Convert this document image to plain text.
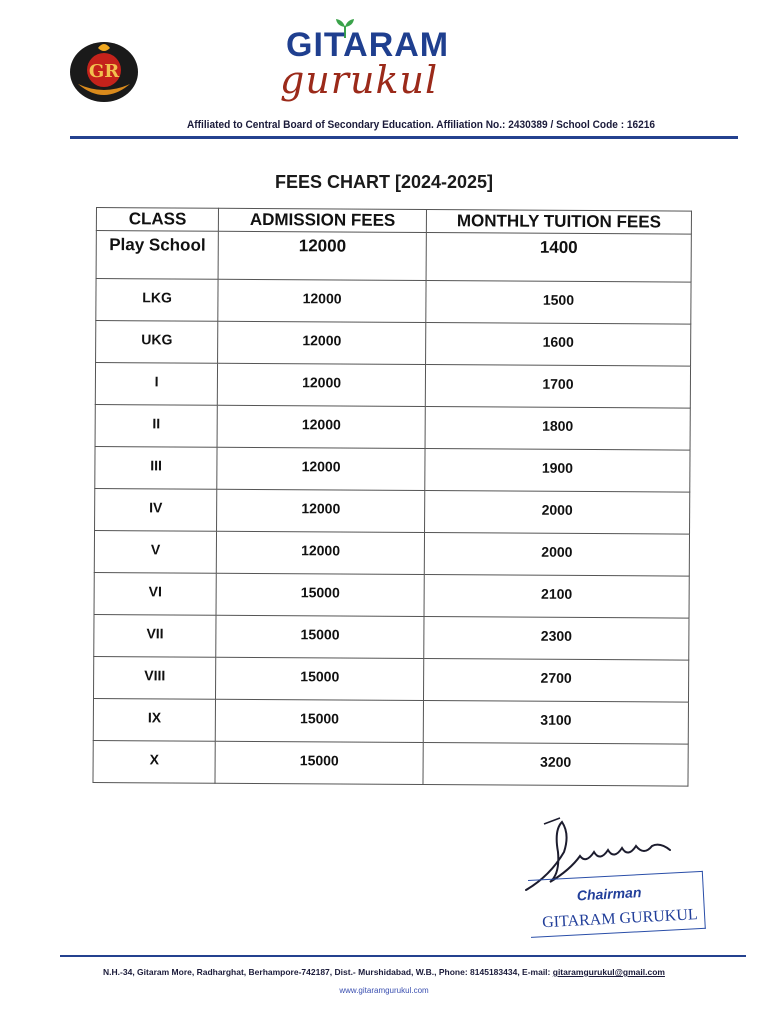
GR
GITARAM
gurukul
Affiliated to Central Board of Secondary Education. Affiliation No.: 2430389 / School Code : 16216
FEES CHART [2024-2025]
CLASS	ADMISSION FEES	MONTHLY TUITION FEES
Play School	12000	1400
LKG	12000	1500
UKG	12000	1600
I	12000	1700
II	12000	1800
III	12000	1900
IV	12000	2000
V	12000	2000
VI	15000	2100
VII	15000	2300
VIII	15000	2700
IX	15000	3100
X	15000	3200
Chairman
GITARAM GURUKUL
N.H.-34, Gitaram More, Radharghat, Berhampore-742187, Dist.- Murshidabad, W.B., Phone: 8145183434, E-mail: gitaramgurukul@gmail.com
www.gitaramgurukul.com
